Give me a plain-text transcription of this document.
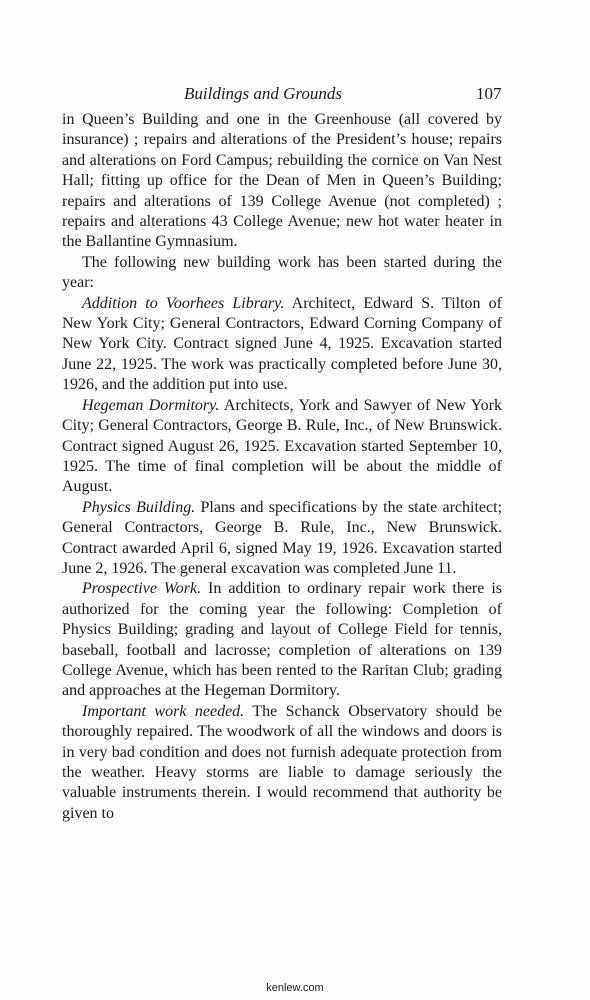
Buildings and Grounds	107

in Queen’s Building and one in the Greenhouse (all covered by insurance) ; repairs and alterations of the President’s house; repairs and alterations on Ford Campus; rebuilding the cornice on Van Nest Hall; fitting up office for the Dean of Men in Queen’s Building; repairs and alterations of 139 College Avenue (not completed) ; repairs and alterations 43 College Avenue; new hot water heater in the Ballantine Gymnasium.

The following new building work has been started during the year:

Addition to Voorhees Library. Architect, Edward S. Tilton of New York City; General Contractors, Edward Corning Company of New York City. Contract signed June 4, 1925. Excavation started June 22, 1925. The work was practically completed before June 30, 1926, and the addition put into use.

Hegeman Dormitory. Architects, York and Sawyer of New York City; General Contractors, George B. Rule, Inc., of New Brunswick. Contract signed August 26, 1925. Excavation started September 10, 1925. The time of final completion will be about the middle of August.

Physics Building. Plans and specifications by the state architect; General Contractors, George B. Rule, Inc., New Brunswick. Contract awarded April 6, signed May 19, 1926. Excavation started June 2, 1926. The general excavation was completed June 11.

Prospective Work. In addition to ordinary repair work there is authorized for the coming year the following: Completion of Physics Building; grading and layout of College Field for tennis, baseball, football and lacrosse; completion of alterations on 139 College Avenue, which has been rented to the Raritan Club; grading and approaches at the Hegeman Dormitory.

Important work needed. The Schanck Observatory should be thoroughly repaired. The woodwork of all the windows and doors is in very bad condition and does not furnish adequate protection from the weather. Heavy storms are liable to damage seriously the valuable instruments therein. I would recommend that authority be given to

kenlew.com
